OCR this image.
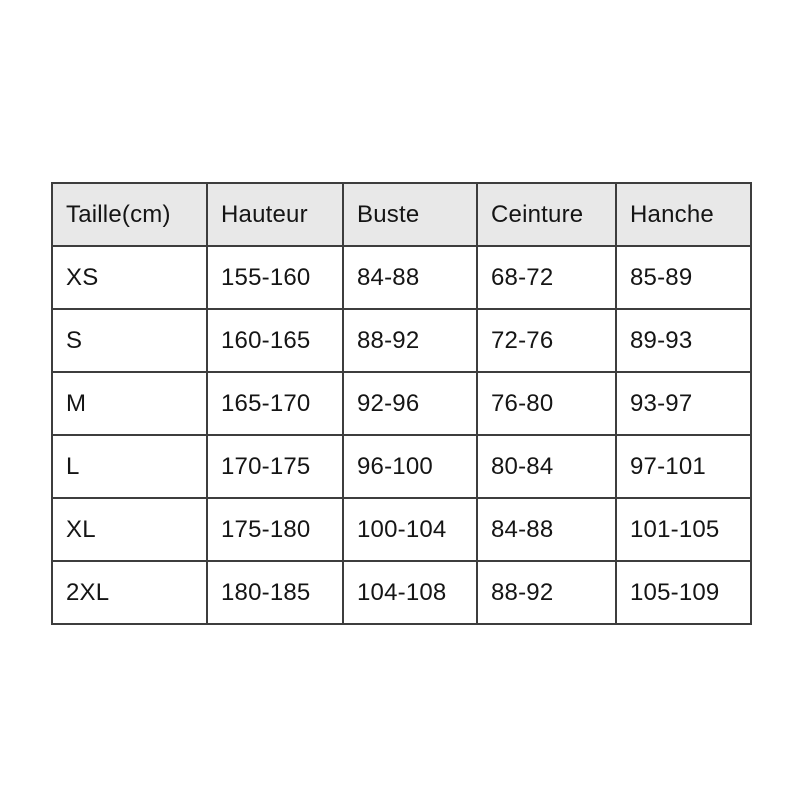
Taille(cm)	Hauteur	Buste	Ceinture	Hanche
XS	155-160	84-88	68-72	85-89
S	160-165	88-92	72-76	89-93
M	165-170	92-96	76-80	93-97
L	170-175	96-100	80-84	97-101
XL	175-180	100-104	84-88	101-105
2XL	180-185	104-108	88-92	105-109
